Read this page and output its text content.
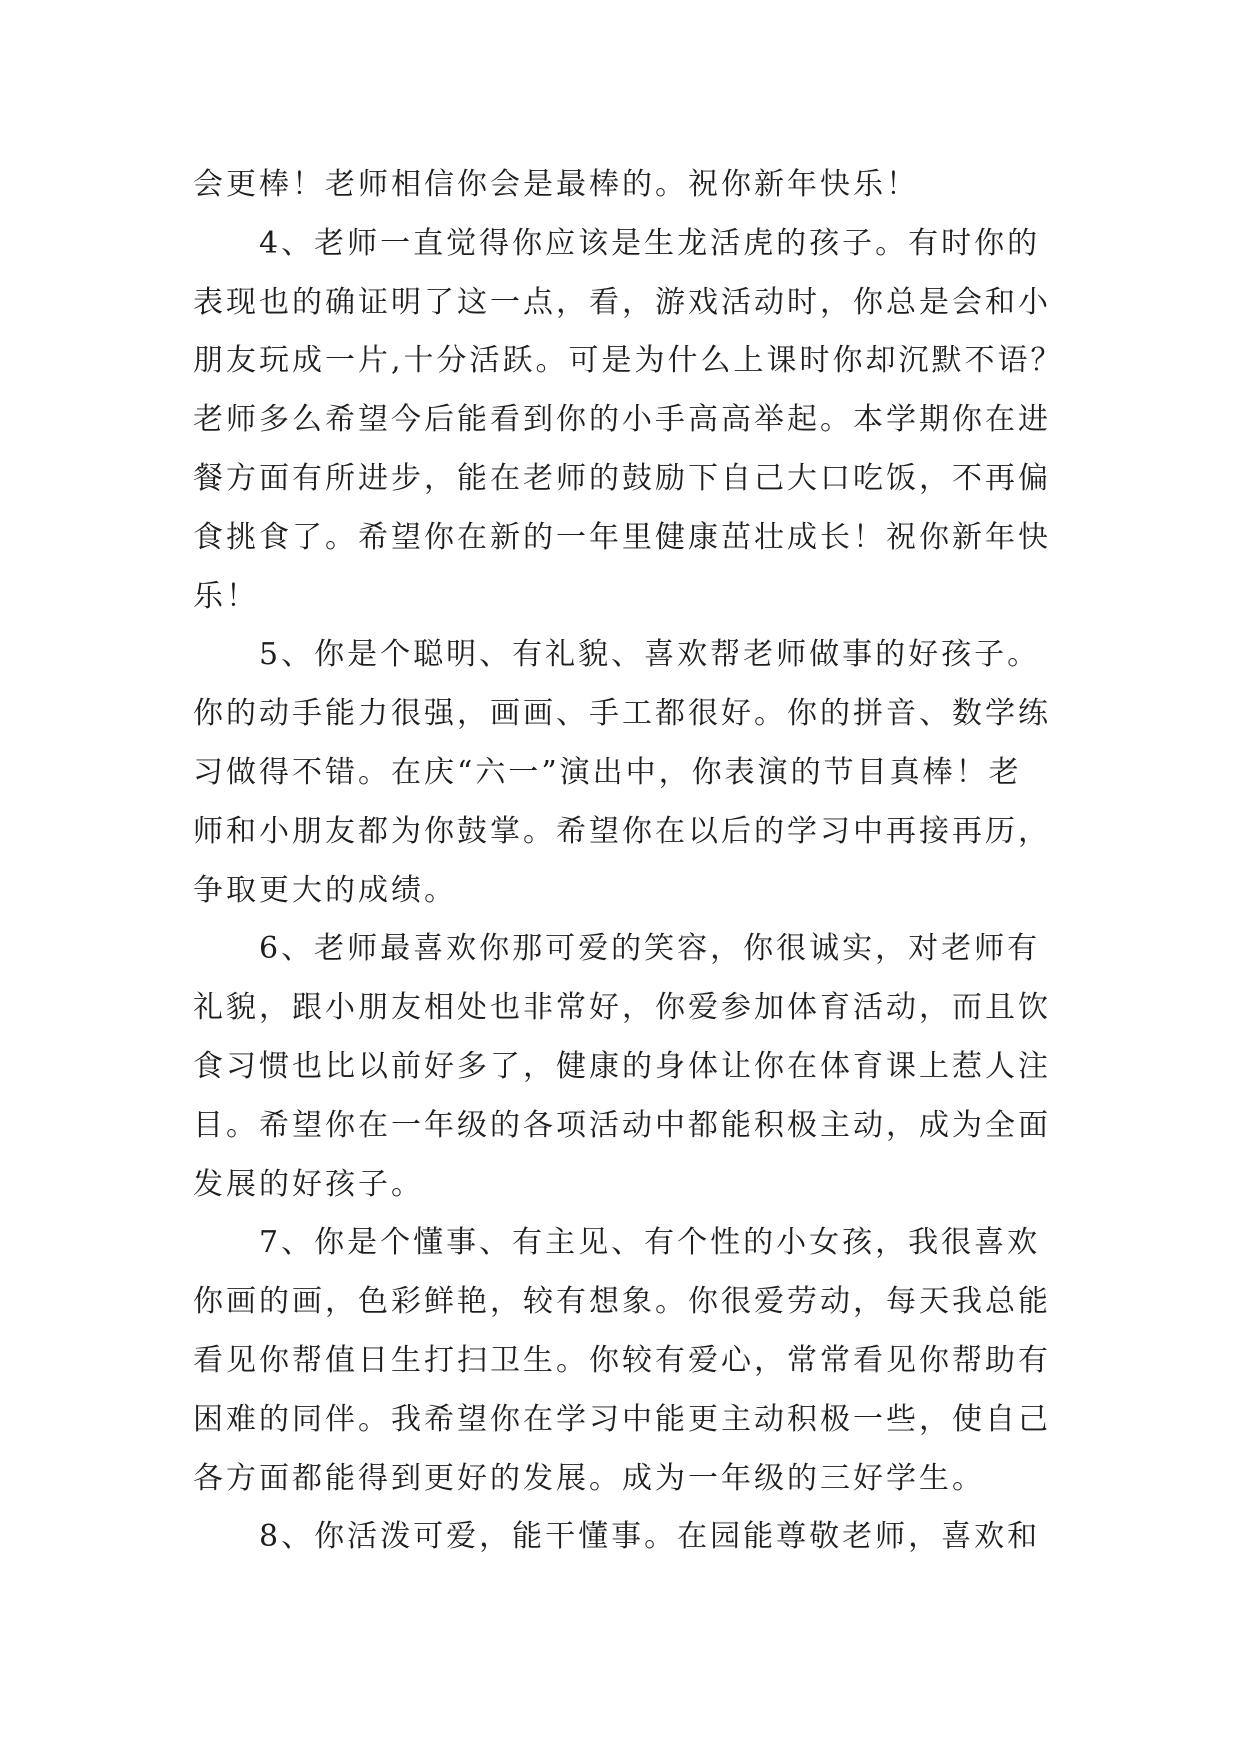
会更棒！老师相信你会是最棒的。祝你新年快乐！
4、老师一直觉得你应该是生龙活虎的孩子。有时你的
表现也的确证明了这一点，看，游戏活动时，你总是会和小
朋友玩成一片,十分活跃。可是为什么上课时你却沉默不语？
老师多么希望今后能看到你的小手高高举起。本学期你在进
餐方面有所进步，能在老师的鼓励下自己大口吃饭，不再偏
食挑食了。希望你在新的一年里健康茁壮成长！祝你新年快
乐！
5、你是个聪明、有礼貌、喜欢帮老师做事的好孩子。
你的动手能力很强，画画、手工都很好。你的拼音、数学练
习做得不错。在庆“六一”演出中，你表演的节目真棒！老
师和小朋友都为你鼓掌。希望你在以后的学习中再接再历，
争取更大的成绩。
6、老师最喜欢你那可爱的笑容，你很诚实，对老师有
礼貌，跟小朋友相处也非常好，你爱参加体育活动，而且饮
食习惯也比以前好多了，健康的身体让你在体育课上惹人注
目。希望你在一年级的各项活动中都能积极主动，成为全面
发展的好孩子。
7、你是个懂事、有主见、有个性的小女孩，我很喜欢
你画的画，色彩鲜艳，较有想象。你很爱劳动，每天我总能
看见你帮值日生打扫卫生。你较有爱心，常常看见你帮助有
困难的同伴。我希望你在学习中能更主动积极一些，使自己
各方面都能得到更好的发展。成为一年级的三好学生。
8、你活泼可爱，能干懂事。在园能尊敬老师，喜欢和
